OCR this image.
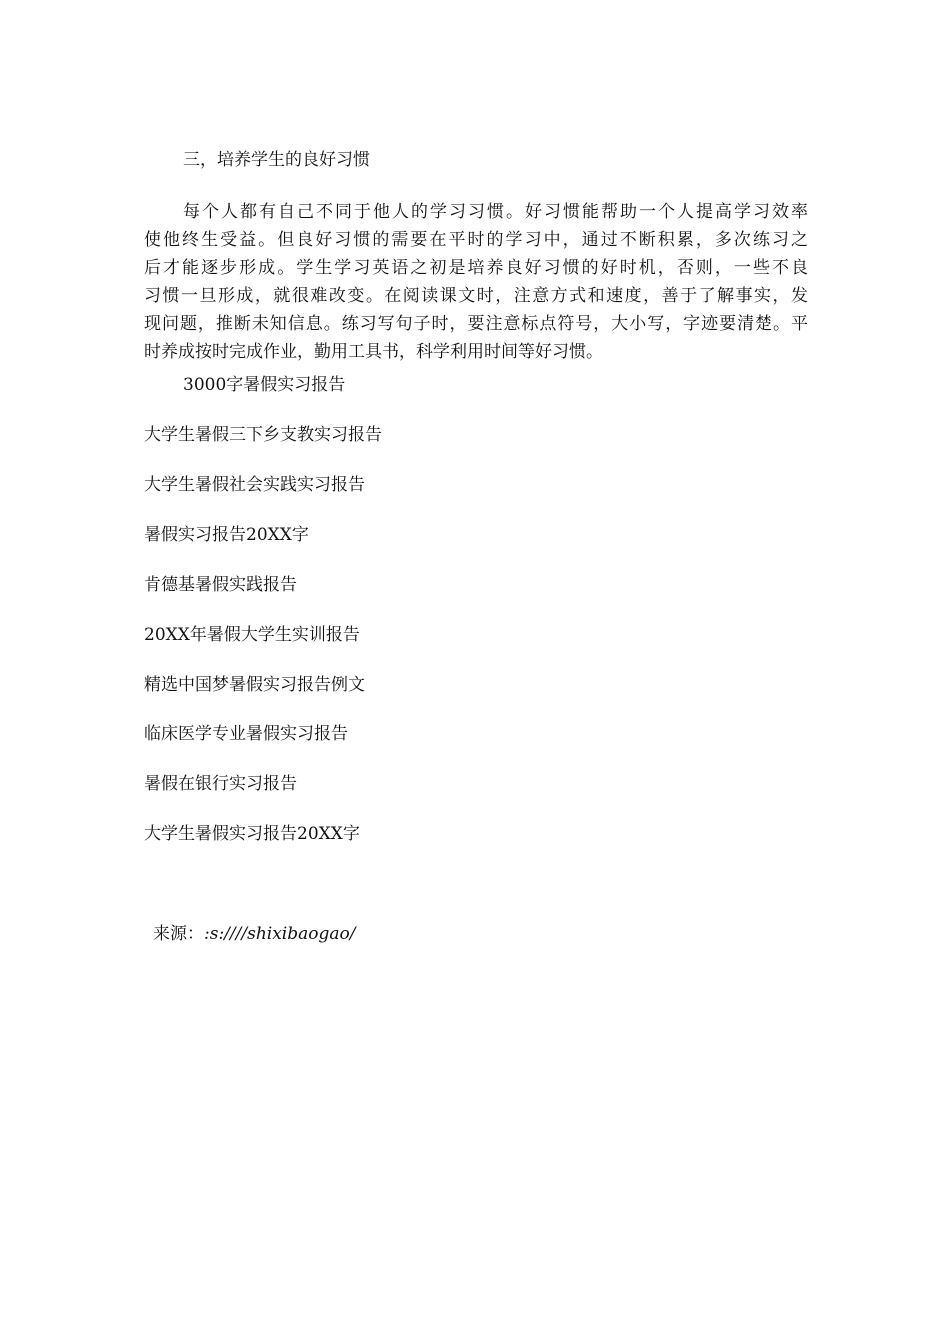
三，培养学生的良好习惯

每个人都有自己不同于他人的学习习惯。好习惯能帮助一个人提高学习效率
使他终生受益。但良好习惯的需要在平时的学习中，通过不断积累，多次练习之
后才能逐步形成。学生学习英语之初是培养良好习惯的好时机，否则，一些不良
习惯一旦形成，就很难改变。在阅读课文时，注意方式和速度，善于了解事实，发
现问题，推断未知信息。练习写句子时，要注意标点符号，大小写，字迹要清楚。平
时养成按时完成作业，勤用工具书，科学利用时间等好习惯。

3000字暑假实习报告
大学生暑假三下乡支教实习报告
大学生暑假社会实践实习报告
暑假实习报告20XX字
肯德基暑假实践报告
20XX年暑假大学生实训报告
精选中国梦暑假实习报告例文
临床医学专业暑假实习报告
暑假在银行实习报告
大学生暑假实习报告20XX字
来源：:s:////shixibaogao/
